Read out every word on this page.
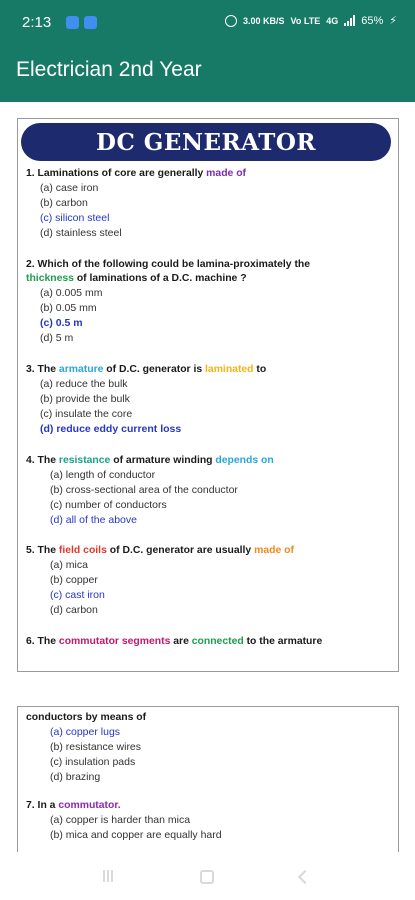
2:13	3.00 KB/S Vo LTE 4G 65% ⚡
Electrician 2nd Year
DC GENERATOR
1. Laminations of core are generally made of
(a) case iron
(b) carbon
(c) silicon steel
(d) stainless steel
2. Which of the following could be lamina-proximately the
thickness of laminations of a D.C. machine ?
(a) 0.005 mm
(b) 0.05 mm
(c) 0.5 m
(d) 5 m
3. The armature of D.C. generator is laminated to
(a) reduce the bulk
(b) provide the bulk
(c) insulate the core
(d) reduce eddy current loss
4. The resistance of armature winding depends on
(a) length of conductor
(b) cross-sectional area of the conductor
(c) number of conductors
(d) all of the above
5. The field coils of D.C. generator are usually made of
(a) mica
(b) copper
(c) cast iron
(d) carbon
6. The commutator segments are connected to the armature
conductors by means of
(a) copper lugs
(b) resistance wires
(c) insulation pads
(d) brazing
7. In a commutator.
(a) copper is harder than mica
(b) mica and copper are equally hard
